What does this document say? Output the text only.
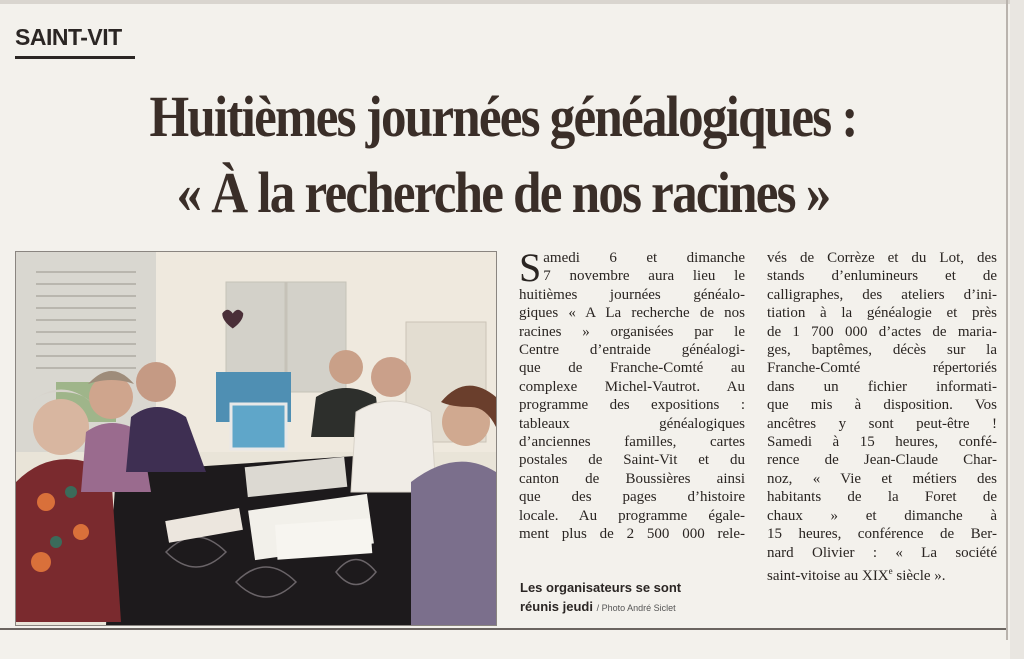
SAINT-VIT
Huitièmes journées généalogiques :
« À la recherche de nos racines »
Les organisateurs se sont
réunis jeudi / Photo André Siclet
S amedi 6 et dimanche
7 novembre aura lieu le
huitièmes journées généalo-
giques « A La recherche de nos
racines » organisées par le
Centre d’entraide généalogi-
que de Franche-Comté au
complexe Michel-Vautrot. Au
programme des expositions :
tableaux généalogiques
d’anciennes familles, cartes
postales de Saint-Vit et du
canton de Boussières ainsi
que des pages d’histoire
locale. Au programme égale-
ment plus de 2 500 000 rele-
vés de Corrèze et du Lot, des
stands d’enlumineurs et de
calligraphes, des ateliers d’ini-
tiation à la généalogie et près
de 1 700 000 d’actes de maria-
ges, baptêmes, décès sur la
Franche-Comté répertoriés
dans un fichier informati-
que mis à disposition. Vos
ancêtres y sont peut-être !
Samedi à 15 heures, confé-
rence de Jean-Claude Char-
noz, « Vie et métiers des
habitants de la Foret de
chaux » et dimanche à
15 heures, conférence de Ber-
nard Olivier : « La société
saint-vitoise au XIXe siècle ».
